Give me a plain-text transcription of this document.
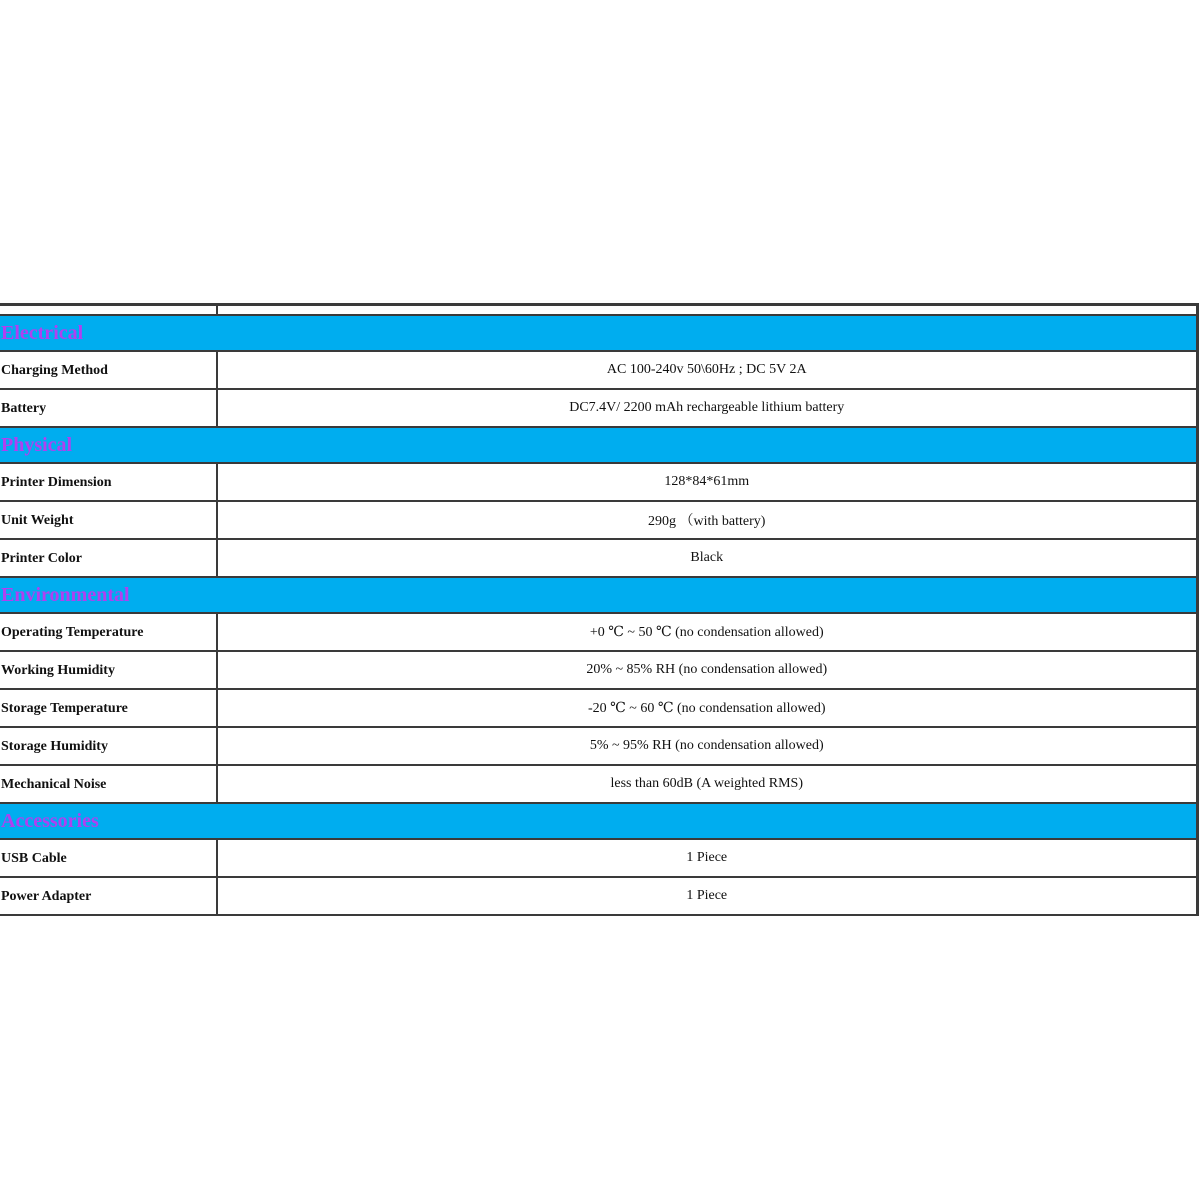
Electrical	
Charging Method	AC 100-240v 50\60Hz ; DC 5V 2A
Battery	DC7.4V/ 2200 mAh rechargeable lithium battery
Physical	
Printer Dimension	128*84*61mm
Unit Weight	290g （with battery)
Printer Color	Black
Environmental	
Operating Temperature	+0 ℃ ~ 50 ℃ (no condensation allowed)
Working Humidity	20% ~ 85% RH (no condensation allowed)
Storage Temperature	-20 ℃ ~ 60 ℃ (no condensation allowed)
Storage Humidity	5% ~ 95% RH (no condensation allowed)
Mechanical Noise	less than 60dB (A weighted RMS)
Accessories	
USB Cable	1 Piece
Power Adapter	1 Piece
